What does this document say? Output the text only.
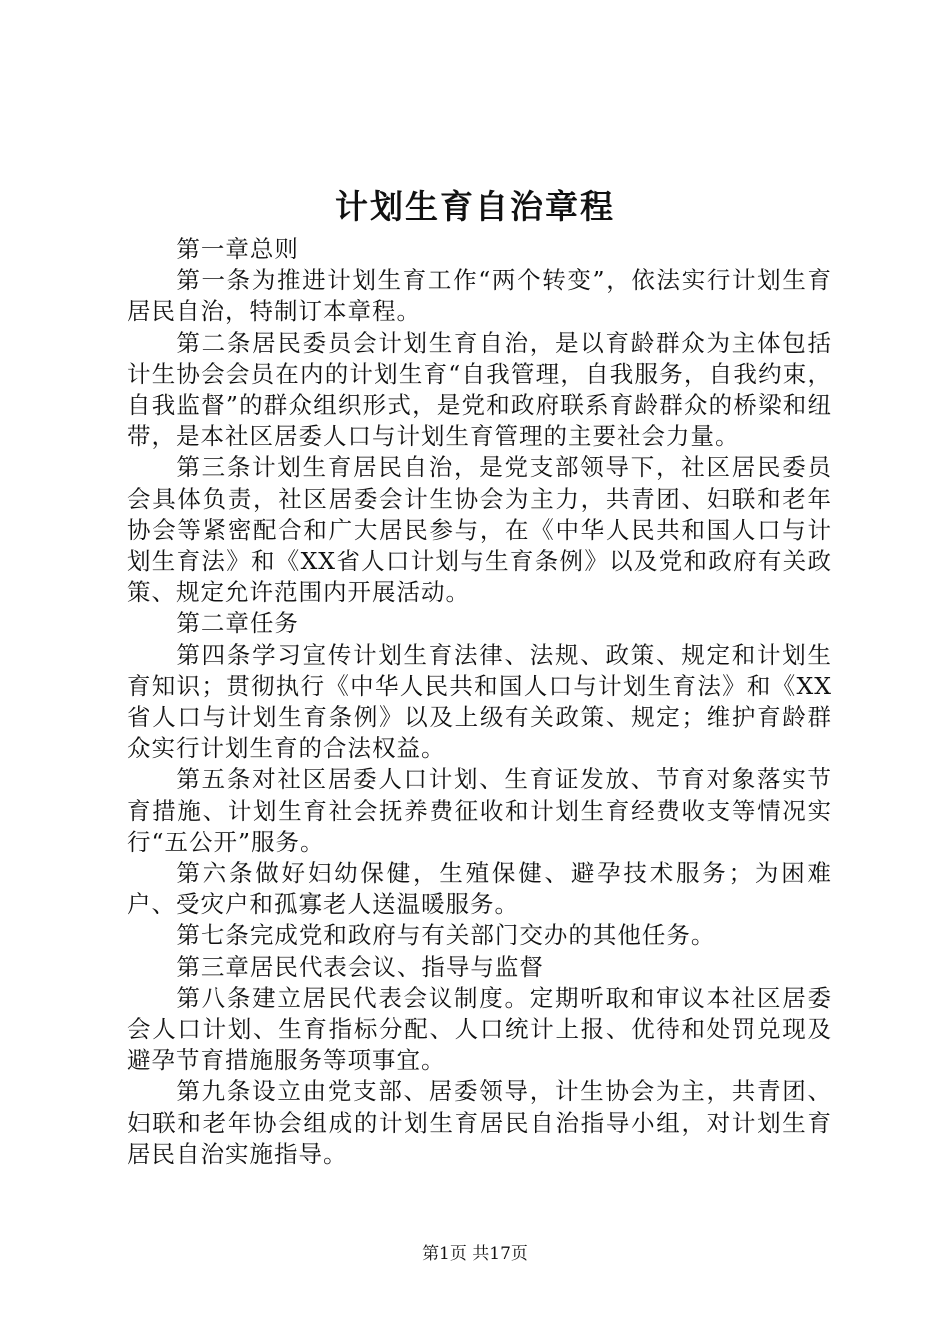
计划生育自治章程

第一章总则

第一条为推进计划生育工作“两个转变”，依法实行计划生育居民自治，特制订本章程。

第二条居民委员会计划生育自治，是以育龄群众为主体包括计生协会会员在内的计划生育“自我管理，自我服务，自我约束，自我监督”的群众组织形式，是党和政府联系育龄群众的桥梁和纽带，是本社区居委人口与计划生育管理的主要社会力量。

第三条计划生育居民自治，是党支部领导下，社区居民委员会具体负责，社区居委会计生协会为主力，共青团、妇联和老年协会等紧密配合和广大居民参与，在《中华人民共和国人口与计划生育法》和《XX省人口计划与生育条例》以及党和政府有关政策、规定允许范围内开展活动。

第二章任务

第四条学习宣传计划生育法律、法规、政策、规定和计划生育知识；贯彻执行《中华人民共和国人口与计划生育法》和《XX省人口与计划生育条例》以及上级有关政策、规定；维护育龄群众实行计划生育的合法权益。

第五条对社区居委人口计划、生育证发放、节育对象落实节育措施、计划生育社会抚养费征收和计划生育经费收支等情况实行“五公开”服务。

第六条做好妇幼保健，生殖保健、避孕技术服务；为困难户、受灾户和孤寡老人送温暖服务。

第七条完成党和政府与有关部门交办的其他任务。

第三章居民代表会议、指导与监督

第八条建立居民代表会议制度。定期听取和审议本社区居委会人口计划、生育指标分配、人口统计上报、优待和处罚兑现及避孕节育措施服务等项事宜。

第九条设立由党支部、居委领导，计生协会为主，共青团、妇联和老年协会组成的计划生育居民自治指导小组，对计划生育居民自治实施指导。

第1页 共17页
